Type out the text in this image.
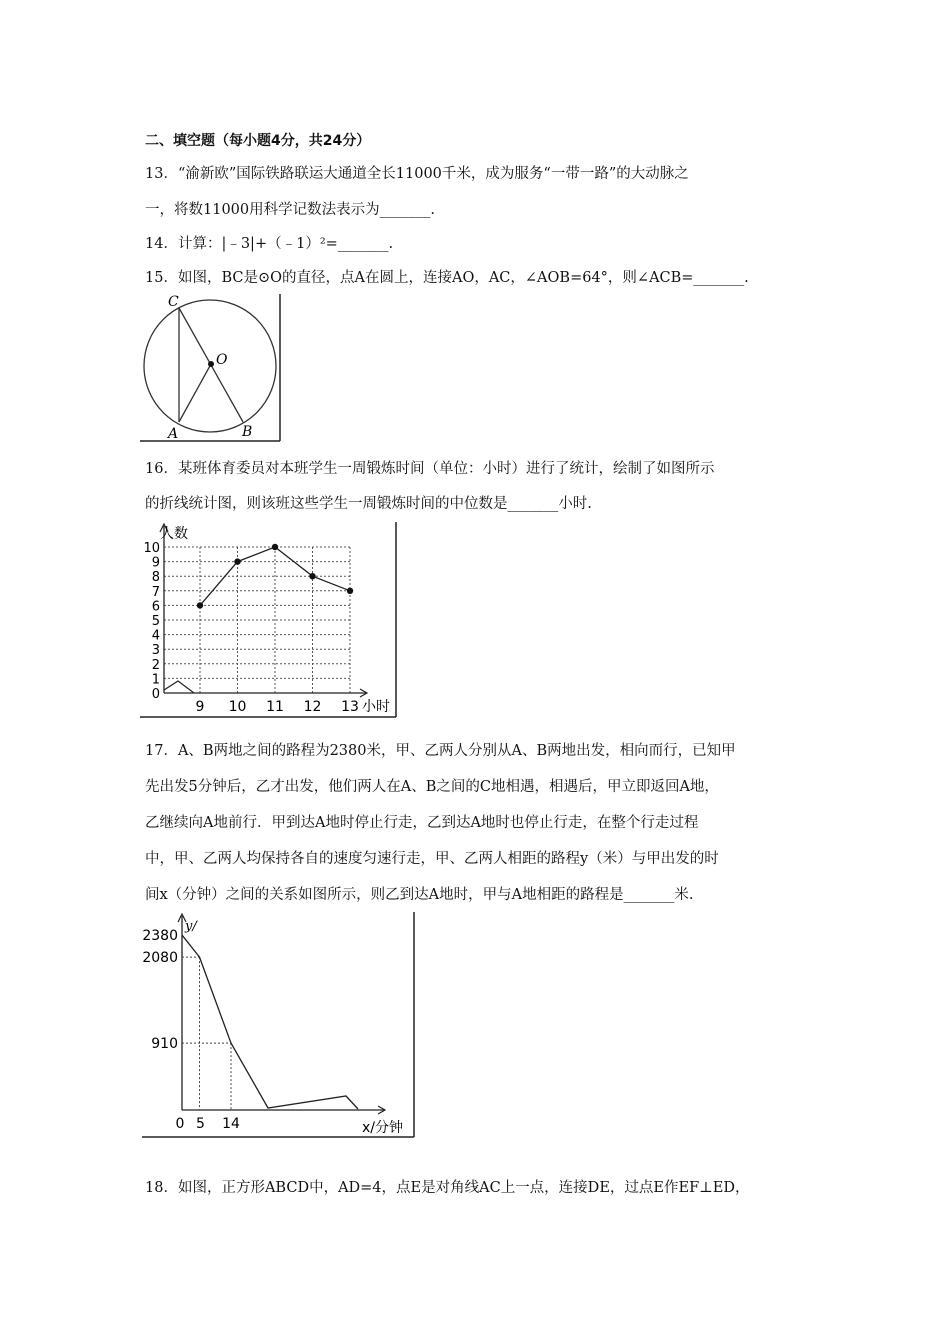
二、填空题（每小题4分，共24分）
13．“渝新欧”国际铁路联运大通道全长11000千米，成为服务“一带一路”的大动脉之
一，将数11000用科学记数法表示为_______.
14．计算：|﹣3|+（﹣1）²=_______.
15．如图，BC是⊙O的直径，点A在圆上，连接AO，AC，∠AOB=64°，则∠ACB=_______.
C
O
A	B
16．某班体育委员对本班学生一周锻炼时间（单位：小时）进行了统计，绘制了如图所示
的折线统计图，则该班这些学生一周锻炼时间的中位数是_______小时.
0
1
2
3
4
5
6
7
8
9
10
9 10 11 12 13
人数
小时
17．A、B两地之间的路程为2380米，甲、乙两人分别从A、B两地出发，相向而行，已知甲
先出发5分钟后，乙才出发，他们两人在A、B之间的C地相遇，相遇后，甲立即返回A地，
乙继续向A地前行．甲到达A地时停止行走，乙到达A地时也停止行走，在整个行走过程
中，甲、乙两人均保持各自的速度匀速行走，甲、乙两人相距的路程y（米）与甲出发的时
间x（分钟）之间的关系如图所示，则乙到达A地时，甲与A地相距的路程是_______米.
2380
2080
910
0 5 14
y/
x/分钟
18．如图，正方形ABCD中，AD=4，点E是对角线AC上一点，连接DE，过点E作EF⊥ED，
